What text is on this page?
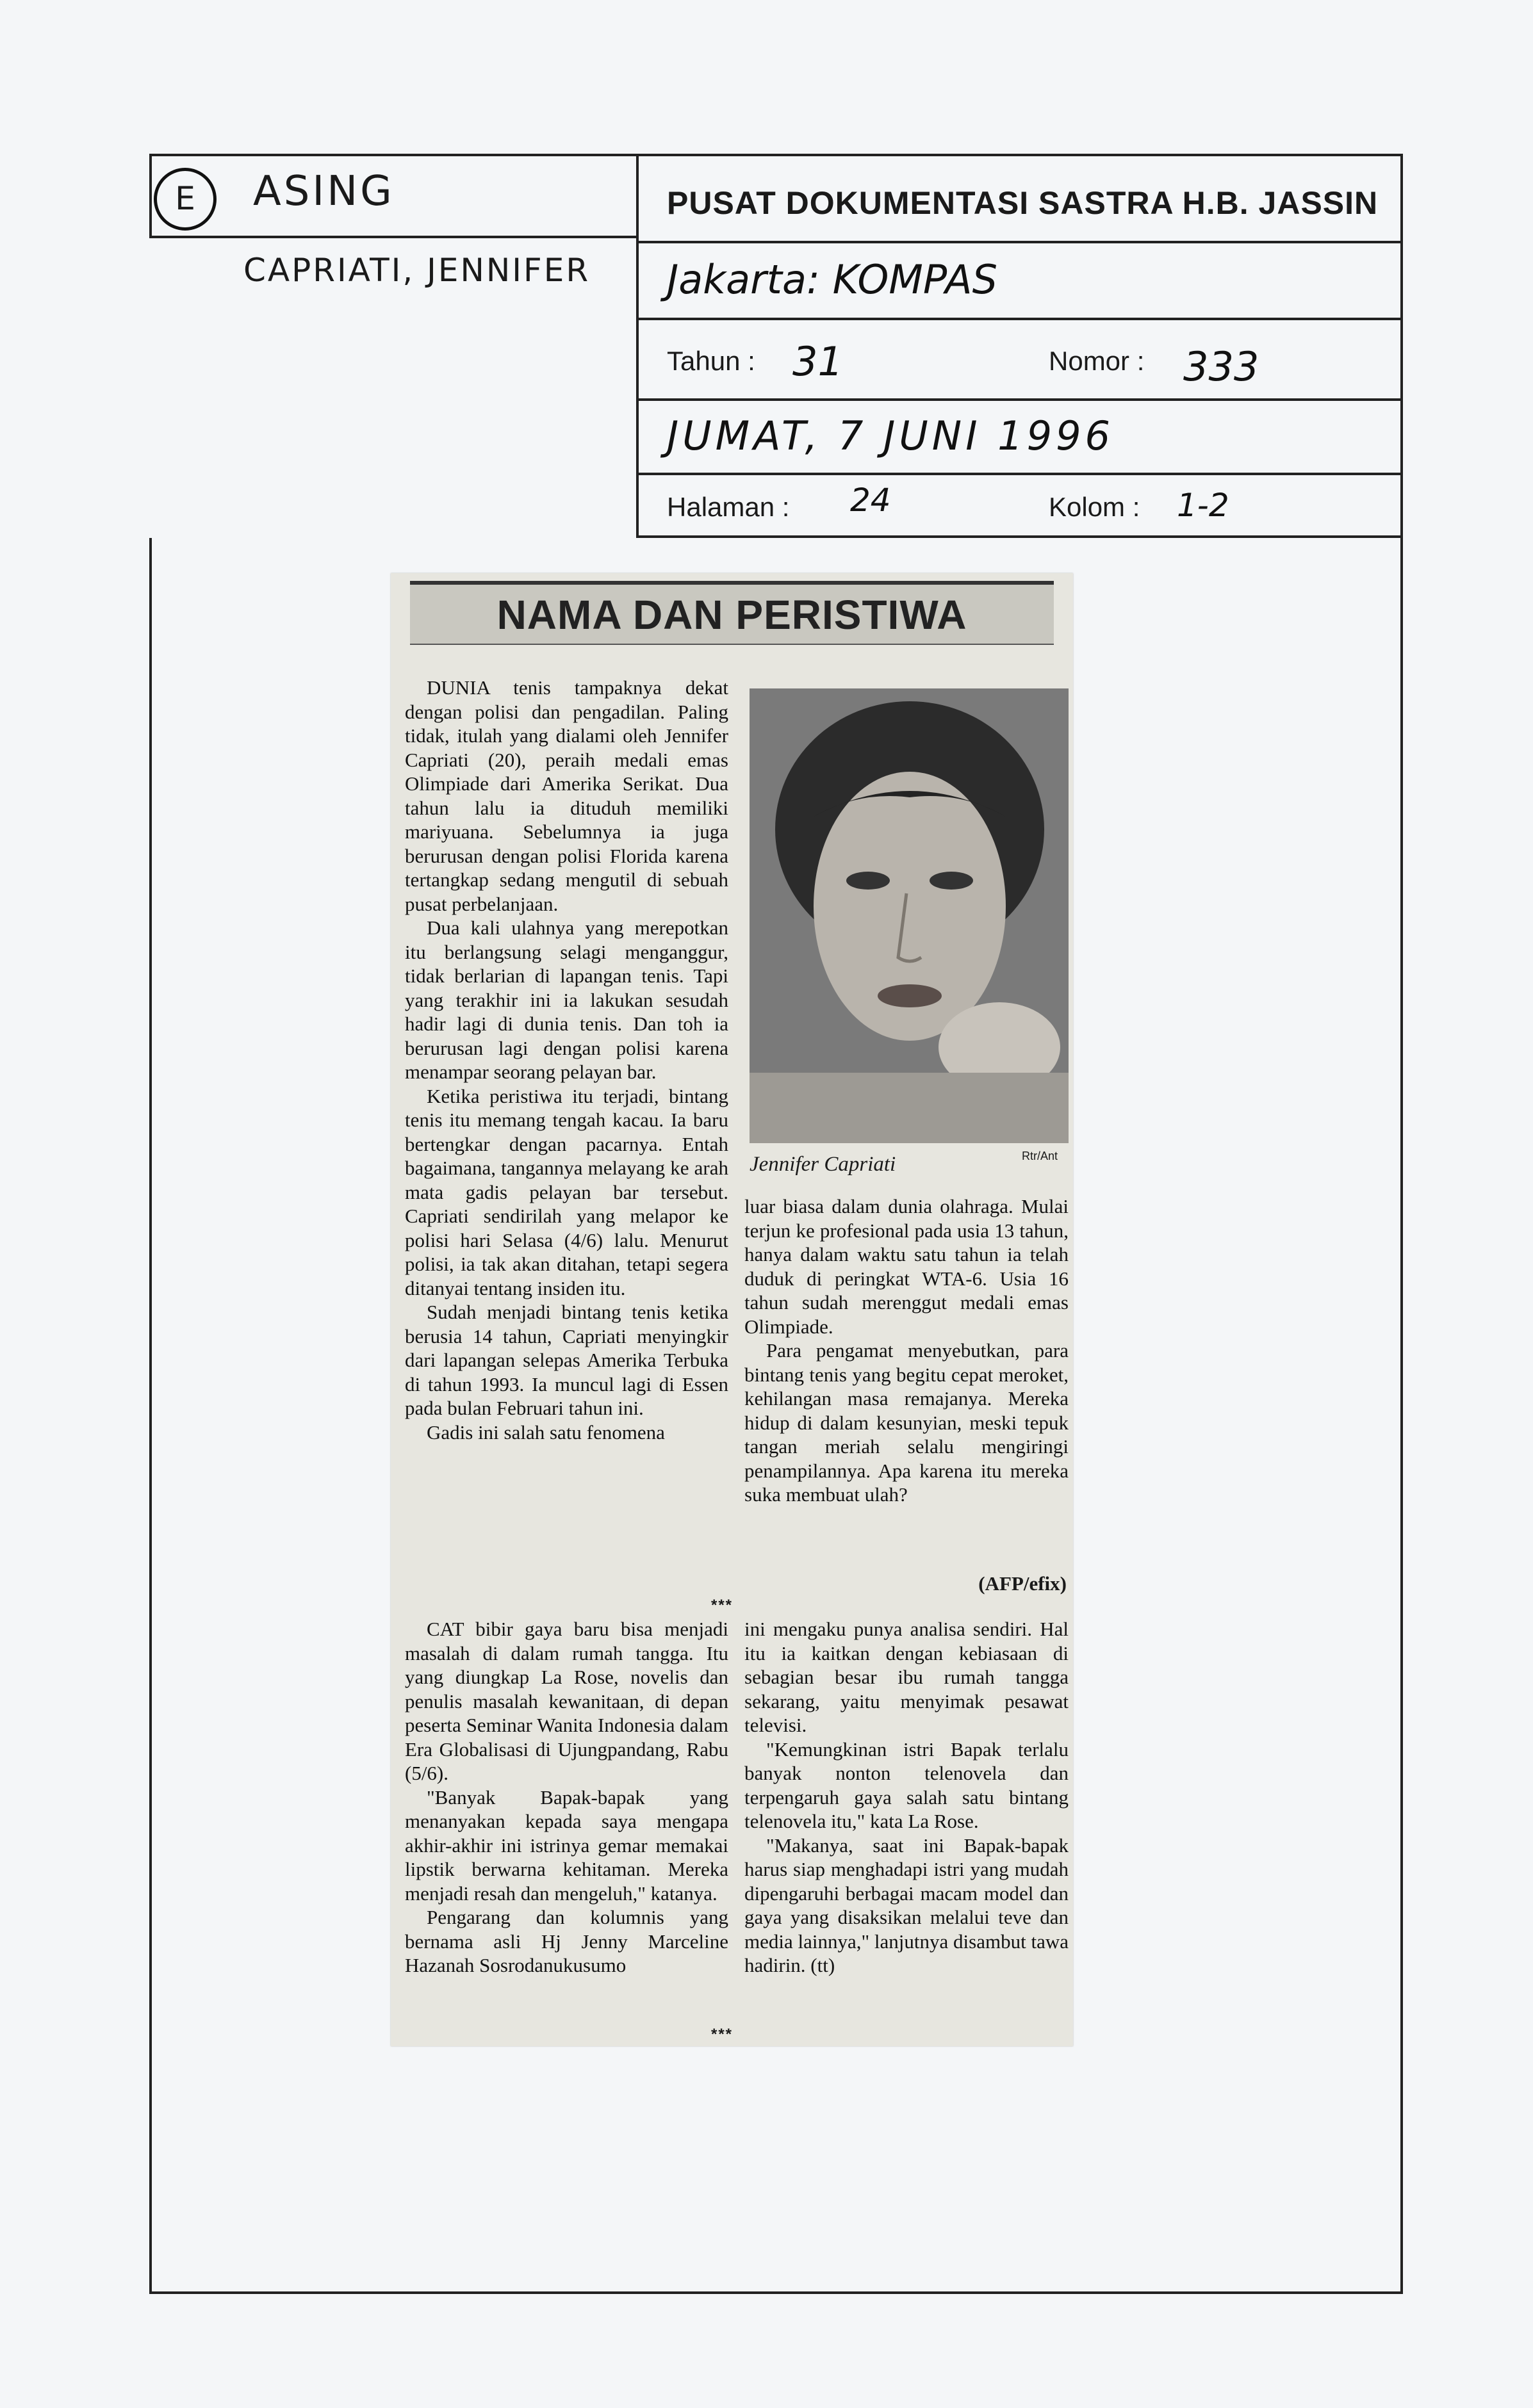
E	ASING
CAPRIATI, JENNIFER
PUSAT DOKUMENTASI SASTRA H.B. JASSIN
Jakarta: KOMPAS
Tahun : 31	Nomor : 333
JUMAT, 7 JUNI 1996
Halaman : 24	Kolom : 1-2
NAMA DAN PERISTIWA

DUNIA tenis tampaknya dekat dengan polisi dan pengadilan. Paling tidak, itulah yang dialami oleh Jennifer Capriati (20), peraih medali emas Olimpiade dari Amerika Serikat. Dua tahun lalu ia dituduh memiliki mariyuana. Sebelumnya ia juga berurusan dengan polisi Florida karena tertangkap sedang mengutil di sebuah pusat perbelanjaan.

Dua kali ulahnya yang merepotkan itu berlangsung selagi menganggur, tidak berlarian di lapangan tenis. Tapi yang terakhir ini ia lakukan sesudah hadir lagi di dunia tenis. Dan toh ia berurusan lagi dengan polisi karena menampar seorang pelayan bar.

Ketika peristiwa itu terjadi, bintang tenis itu memang tengah kacau. Ia baru bertengkar dengan pacarnya. Entah bagaimana, tangannya melayang ke arah mata gadis pelayan bar tersebut. Capriati sendirilah yang melapor ke polisi hari Selasa (4/6) lalu. Menurut polisi, ia tak akan ditahan, tetapi segera ditanyai tentang insiden itu.

Sudah menjadi bintang tenis ketika berusia 14 tahun, Capriati menyingkir dari lapangan selepas Amerika Terbuka di tahun 1993. Ia muncul lagi di Essen pada bulan Februari tahun ini.

Gadis ini salah satu fenomena

Rtr/Ant
Jennifer Capriati

luar biasa dalam dunia olahraga. Mulai terjun ke profesional pada usia 13 tahun, hanya dalam waktu satu tahun ia telah duduk di peringkat WTA-6. Usia 16 tahun sudah merenggut medali emas Olimpiade.

Para pengamat menyebutkan, para bintang tenis yang begitu cepat meroket, kehilangan masa remajanya. Mereka hidup di dalam kesunyian, meski tepuk tangan meriah selalu mengiringi penampilannya. Apa karena itu mereka suka membuat ulah?

(AFP/efix)
***

CAT bibir gaya baru bisa menjadi masalah di dalam rumah tangga. Itu yang diungkap La Rose, novelis dan penulis masalah kewanitaan, di depan peserta Seminar Wanita Indonesia dalam Era Globalisasi di Ujungpandang, Rabu (5/6).

"Banyak Bapak-bapak yang menanyakan kepada saya mengapa akhir-akhir ini istrinya gemar memakai lipstik berwarna kehitaman. Mereka menjadi resah dan mengeluh," katanya.

Pengarang dan kolumnis yang bernama asli Hj Jenny Marceline Hazanah Sosrodanukusumo

ini mengaku punya analisa sendiri. Hal itu ia kaitkan dengan kebiasaan di sebagian besar ibu rumah tangga sekarang, yaitu menyimak pesawat televisi.

"Kemungkinan istri Bapak terlalu banyak nonton telenovela dan terpengaruh gaya salah satu bintang telenovela itu," kata La Rose.

"Makanya, saat ini Bapak-bapak harus siap menghadapi istri yang mudah dipengaruhi berbagai macam model dan gaya yang disaksikan melalui teve dan media lainnya," lanjutnya disambut tawa hadirin. (tt)

***
